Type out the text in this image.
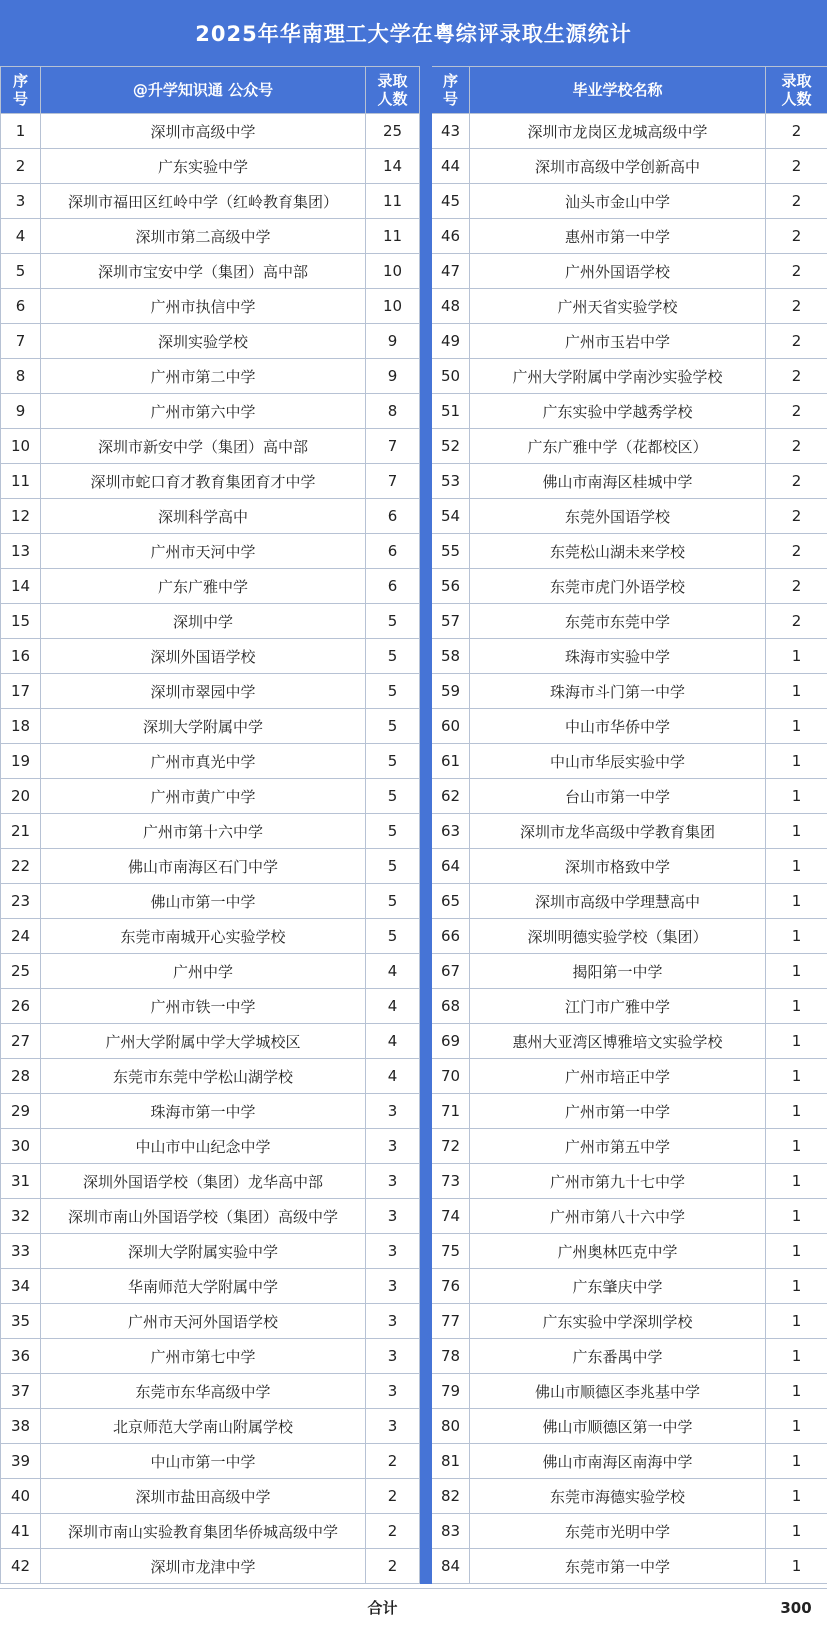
2025年华南理工大学在粤综评录取生源统计
序号	@升学知识通 公众号	录取人数		序号	毕业学校名称	录取人数
1	深圳市高级中学	25		43	深圳市龙岗区龙城高级中学	2
2	广东实验中学	14		44	深圳市高级中学创新高中	2
3	深圳市福田区红岭中学（红岭教育集团）	11		45	汕头市金山中学	2
4	深圳市第二高级中学	11		46	惠州市第一中学	2
5	深圳市宝安中学（集团）高中部	10		47	广州外国语学校	2
6	广州市执信中学	10		48	广州天省实验学校	2
7	深圳实验学校	9		49	广州市玉岩中学	2
8	广州市第二中学	9		50	广州大学附属中学南沙实验学校	2
9	广州市第六中学	8		51	广东实验中学越秀学校	2
10	深圳市新安中学（集团）高中部	7		52	广东广雅中学（花都校区）	2
11	深圳市蛇口育才教育集团育才中学	7		53	佛山市南海区桂城中学	2
12	深圳科学高中	6		54	东莞外国语学校	2
13	广州市天河中学	6		55	东莞松山湖未来学校	2
14	广东广雅中学	6		56	东莞市虎门外语学校	2
15	深圳中学	5		57	东莞市东莞中学	2
16	深圳外国语学校	5		58	珠海市实验中学	1
17	深圳市翠园中学	5		59	珠海市斗门第一中学	1
18	深圳大学附属中学	5		60	中山市华侨中学	1
19	广州市真光中学	5		61	中山市华辰实验中学	1
20	广州市黄广中学	5		62	台山市第一中学	1
21	广州市第十六中学	5		63	深圳市龙华高级中学教育集团	1
22	佛山市南海区石门中学	5		64	深圳市格致中学	1
23	佛山市第一中学	5		65	深圳市高级中学理慧高中	1
24	东莞市南城开心实验学校	5		66	深圳明德实验学校（集团）	1
25	广州中学	4		67	揭阳第一中学	1
26	广州市铁一中学	4		68	江门市广雅中学	1
27	广州大学附属中学大学城校区	4		69	惠州大亚湾区博雅培文实验学校	1
28	东莞市东莞中学松山湖学校	4		70	广州市培正中学	1
29	珠海市第一中学	3		71	广州市第一中学	1
30	中山市中山纪念中学	3		72	广州市第五中学	1
31	深圳外国语学校（集团）龙华高中部	3		73	广州市第九十七中学	1
32	深圳市南山外国语学校（集团）高级中学	3		74	广州市第八十六中学	1
33	深圳大学附属实验中学	3		75	广州奥林匹克中学	1
34	华南师范大学附属中学	3		76	广东肇庆中学	1
35	广州市天河外国语学校	3		77	广东实验中学深圳学校	1
36	广州市第七中学	3		78	广东番禺中学	1
37	东莞市东华高级中学	3		79	佛山市顺德区李兆基中学	1
38	北京师范大学南山附属学校	3		80	佛山市顺德区第一中学	1
39	中山市第一中学	2		81	佛山市南海区南海中学	1
40	深圳市盐田高级中学	2		82	东莞市海德实验学校	1
41	深圳市南山实验教育集团华侨城高级中学	2		83	东莞市光明中学	1
42	深圳市龙津中学	2		84	东莞市第一中学	1
合计	300
